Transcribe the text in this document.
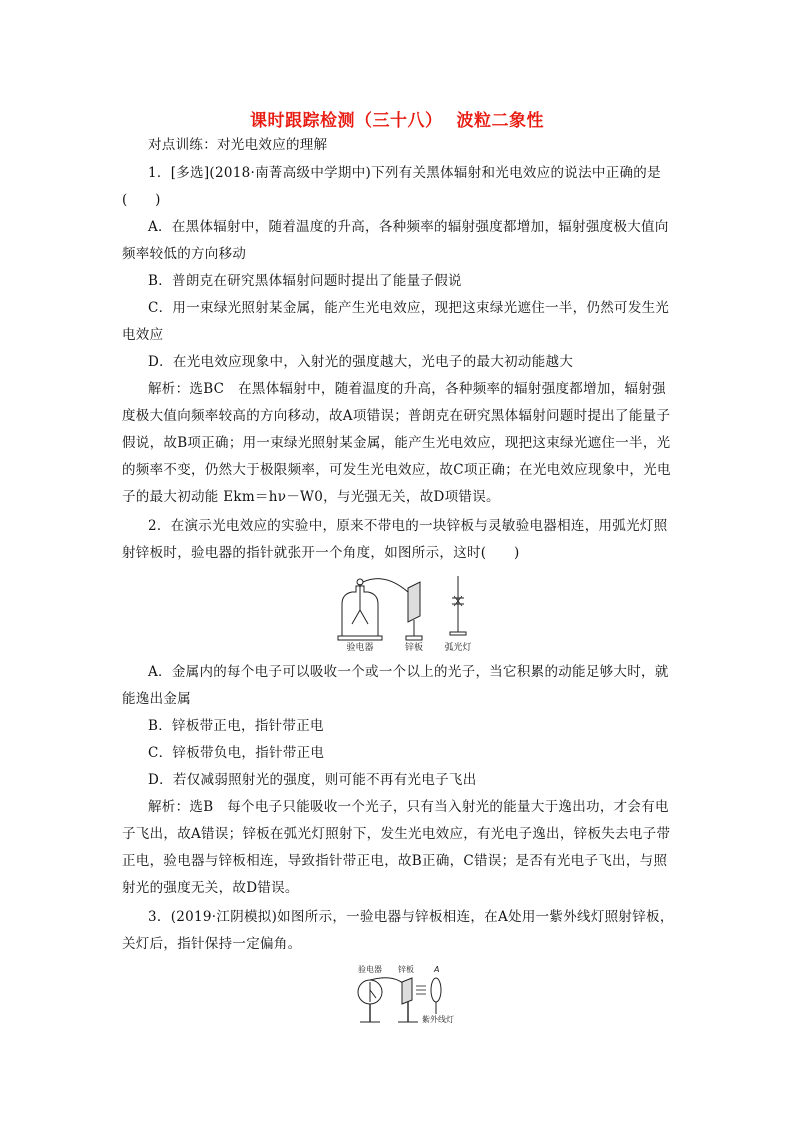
课时跟踪检测（三十八） 波粒二象性
对点训练：对光电效应的理解
1．[多选](2018·南菁高级中学期中)下列有关黑体辐射和光电效应的说法中正确的是
(　　)
A．在黑体辐射中，随着温度的升高，各种频率的辐射强度都增加，辐射强度极大值向
频率较低的方向移动
B．普朗克在研究黑体辐射问题时提出了能量子假说
C．用一束绿光照射某金属，能产生光电效应，现把这束绿光遮住一半，仍然可发生光
电效应
D．在光电效应现象中，入射光的强度越大，光电子的最大初动能越大
解析：选BC　在黑体辐射中，随着温度的升高，各种频率的辐射强度都增加，辐射强
度极大值向频率较高的方向移动，故A项错误；普朗克在研究黑体辐射问题时提出了能量子
假说，故B项正确；用一束绿光照射某金属，能产生光电效应，现把这束绿光遮住一半，光
的频率不变，仍然大于极限频率，可发生光电效应，故C项正确；在光电效应现象中，光电
子的最大初动能 Ekm＝hν－W0，与光强无关，故D项错误。
2．在演示光电效应的实验中，原来不带电的一块锌板与灵敏验电器相连，用弧光灯照
射锌板时，验电器的指针就张开一个角度，如图所示，这时(　　)
验电器	锌板 弧光灯
A．金属内的每个电子可以吸收一个或一个以上的光子，当它积累的动能足够大时，就
能逸出金属
B．锌板带正电，指针带正电
C．锌板带负电，指针带正电
D．若仅减弱照射光的强度，则可能不再有光电子飞出
解析：选B　每个电子只能吸收一个光子，只有当入射光的能量大于逸出功，才会有电
子飞出，故A错误；锌板在弧光灯照射下，发生光电效应，有光电子逸出，锌板失去电子带
正电，验电器与锌板相连，导致指针带正电，故B正确，C错误；是否有光电子飞出，与照
射光的强度无关，故D错误。
3．(2019·江阴模拟)如图所示，一验电器与锌板相连，在A处用一紫外线灯照射锌板，
关灯后，指针保持一定偏角。
验电器 锌板	A
紫外线灯
